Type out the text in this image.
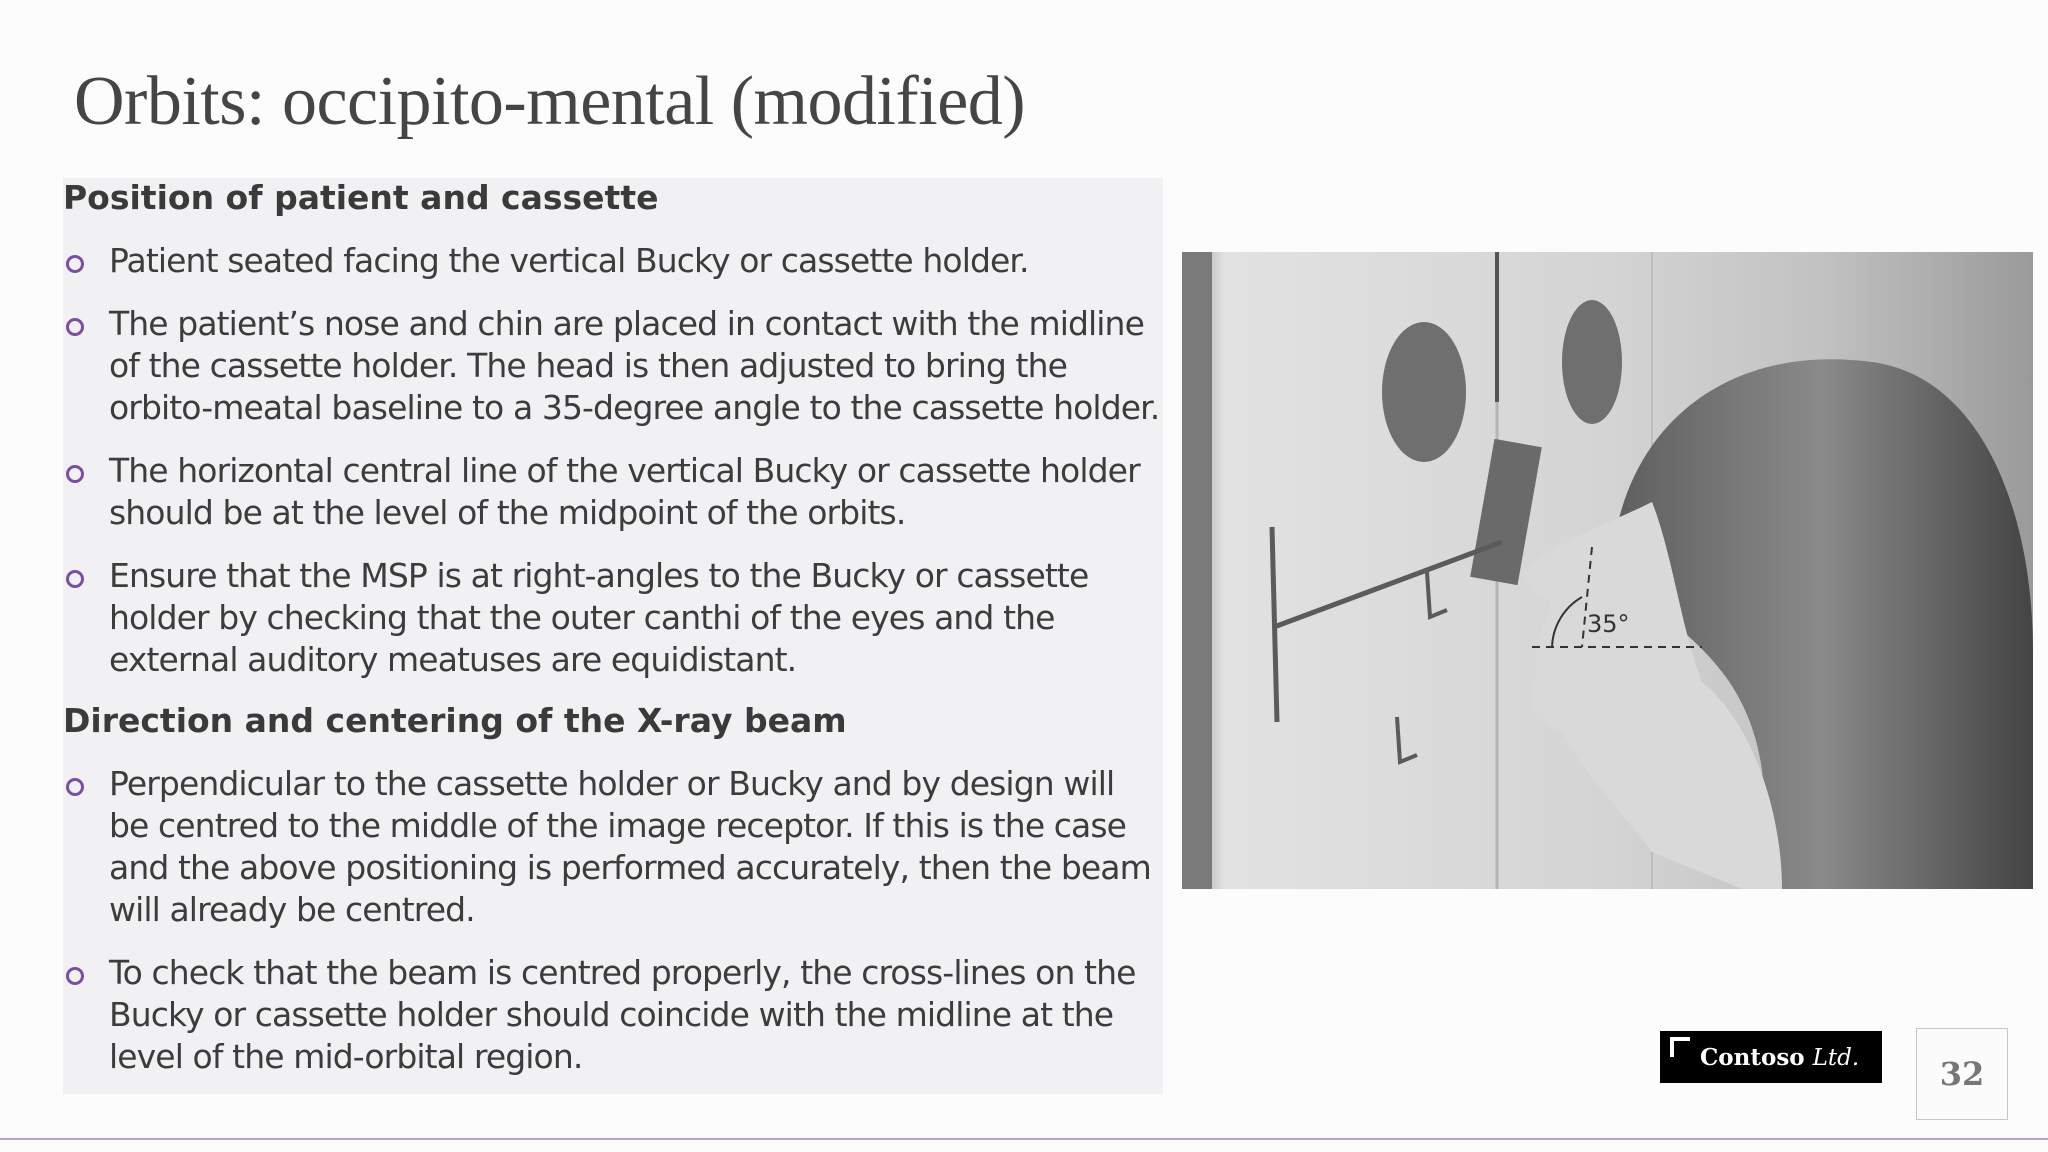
Orbits: occipito-mental (modified)
Position of patient and cassette
Patient seated facing the vertical Bucky or cassette holder.
The patient’s nose and chin are placed in contact with the midline of the cassette holder. The head is then adjusted to bring the orbito-meatal baseline to a 35-degree angle to the cassette holder.
The horizontal central line of the vertical Bucky or cassette holder should be at the level of the midpoint of the orbits.
Ensure that the MSP is at right-angles to the Bucky or cassette holder by checking that the outer canthi of the eyes and the external auditory meatuses are equidistant.
Direction and centering of the X-ray beam
Perpendicular to the cassette holder or Bucky and by design will be centred to the middle of the image receptor. If this is the case and the above positioning is performed accurately, then the beam will already be centred.
To check that the beam is centred properly, the cross-lines on the Bucky or cassette holder should coincide with the midline at the level of the mid-orbital region.
35°
Contoso Ltd.	32
